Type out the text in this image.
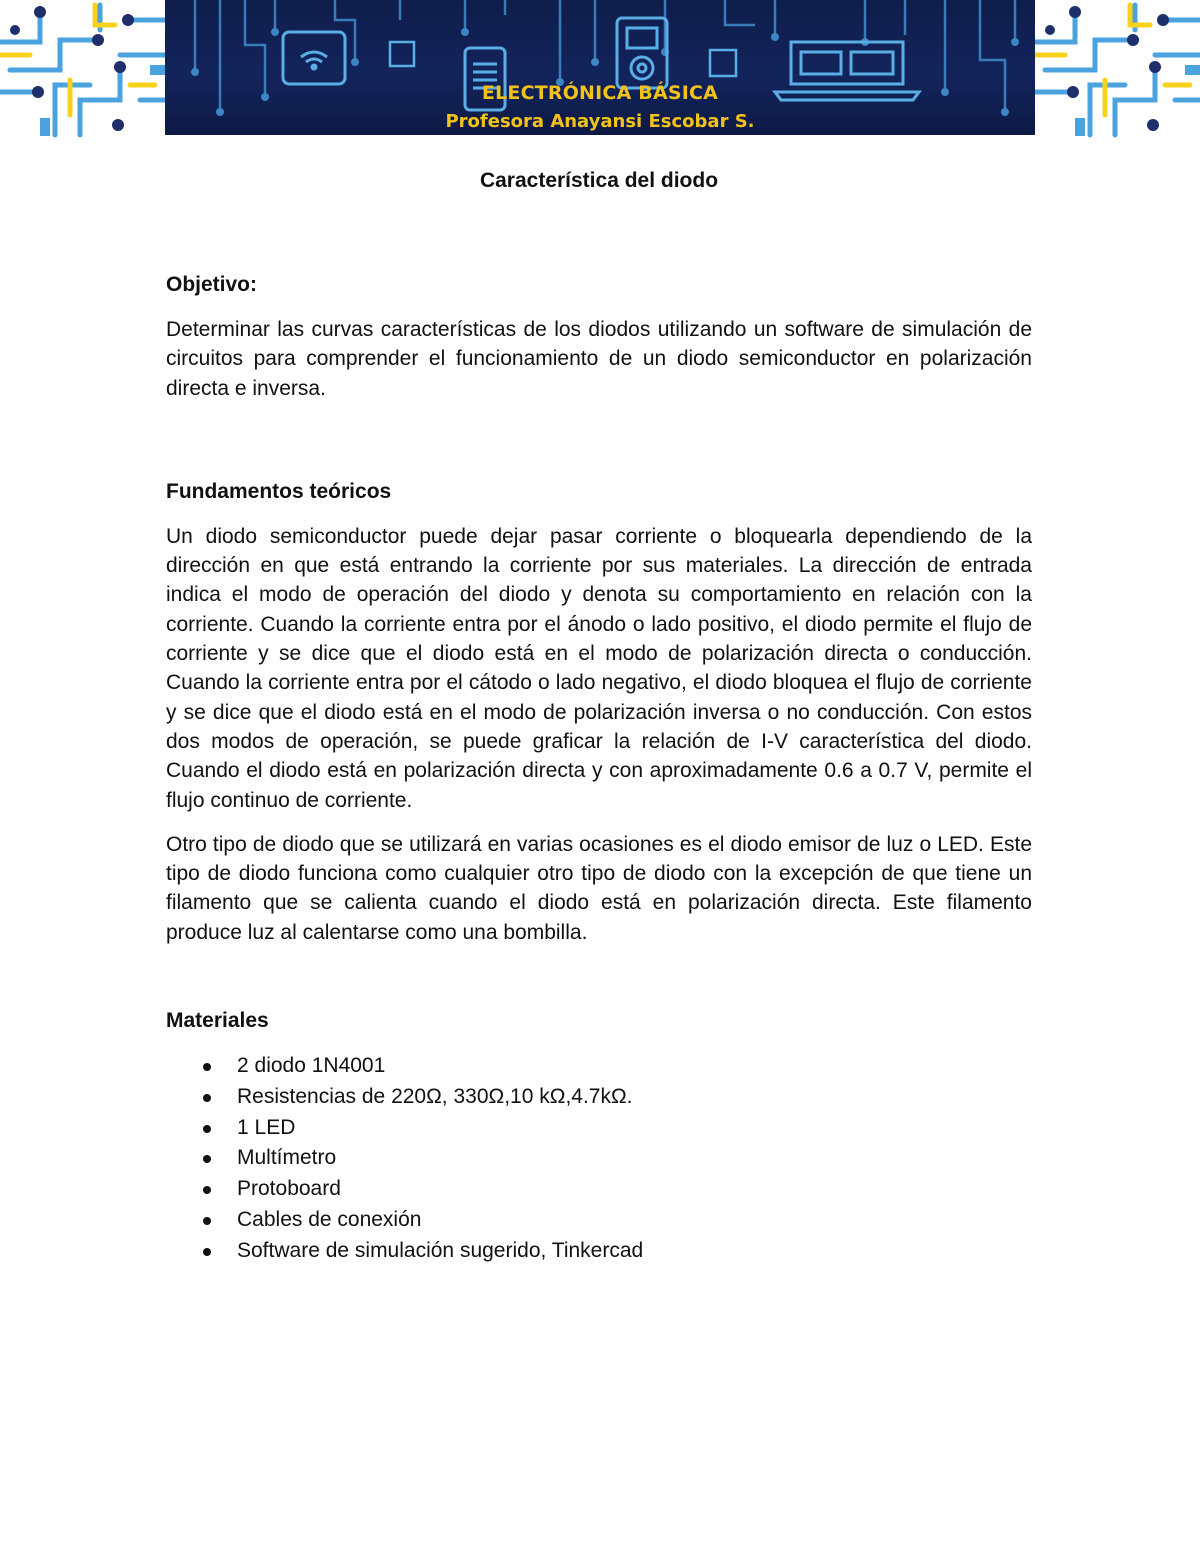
ELECTRÓNICA BÁSICA
Profesora Anayansi Escobar S.
Característica del diodo
Objetivo:

Determinar las curvas características de los diodos utilizando un software de simulación de circuitos para comprender el funcionamiento de un diodo semiconductor en polarización directa e inversa.

Fundamentos teóricos

Un diodo semiconductor puede dejar pasar corriente o bloquearla dependiendo de la dirección en que está entrando la corriente por sus materiales. La dirección de entrada indica el modo de operación del diodo y denota su comportamiento en relación con la corriente. Cuando la corriente entra por el ánodo o lado positivo, el diodo permite el flujo de corriente y se dice que el diodo está en el modo de polarización directa o conducción. Cuando la corriente entra por el cátodo o lado negativo, el diodo bloquea el flujo de corriente y se dice que el diodo está en el modo de polarización inversa o no conducción. Con estos dos modos de operación, se puede graficar la relación de I-V característica del diodo. Cuando el diodo está en polarización directa y con aproximadamente 0.6 a 0.7 V, permite el flujo continuo de corriente.

Otro tipo de diodo que se utilizará en varias ocasiones es el diodo emisor de luz o LED. Este tipo de diodo funciona como cualquier otro tipo de diodo con la excepción de que tiene un filamento que se calienta cuando el diodo está en polarización directa. Este filamento produce luz al calentarse como una bombilla.

Materiales
2 diodo 1N4001
Resistencias de 220Ω, 330Ω,10 kΩ,4.7kΩ.
1 LED
Multímetro
Protoboard
Cables de conexión
Software de simulación sugerido, Tinkercad
